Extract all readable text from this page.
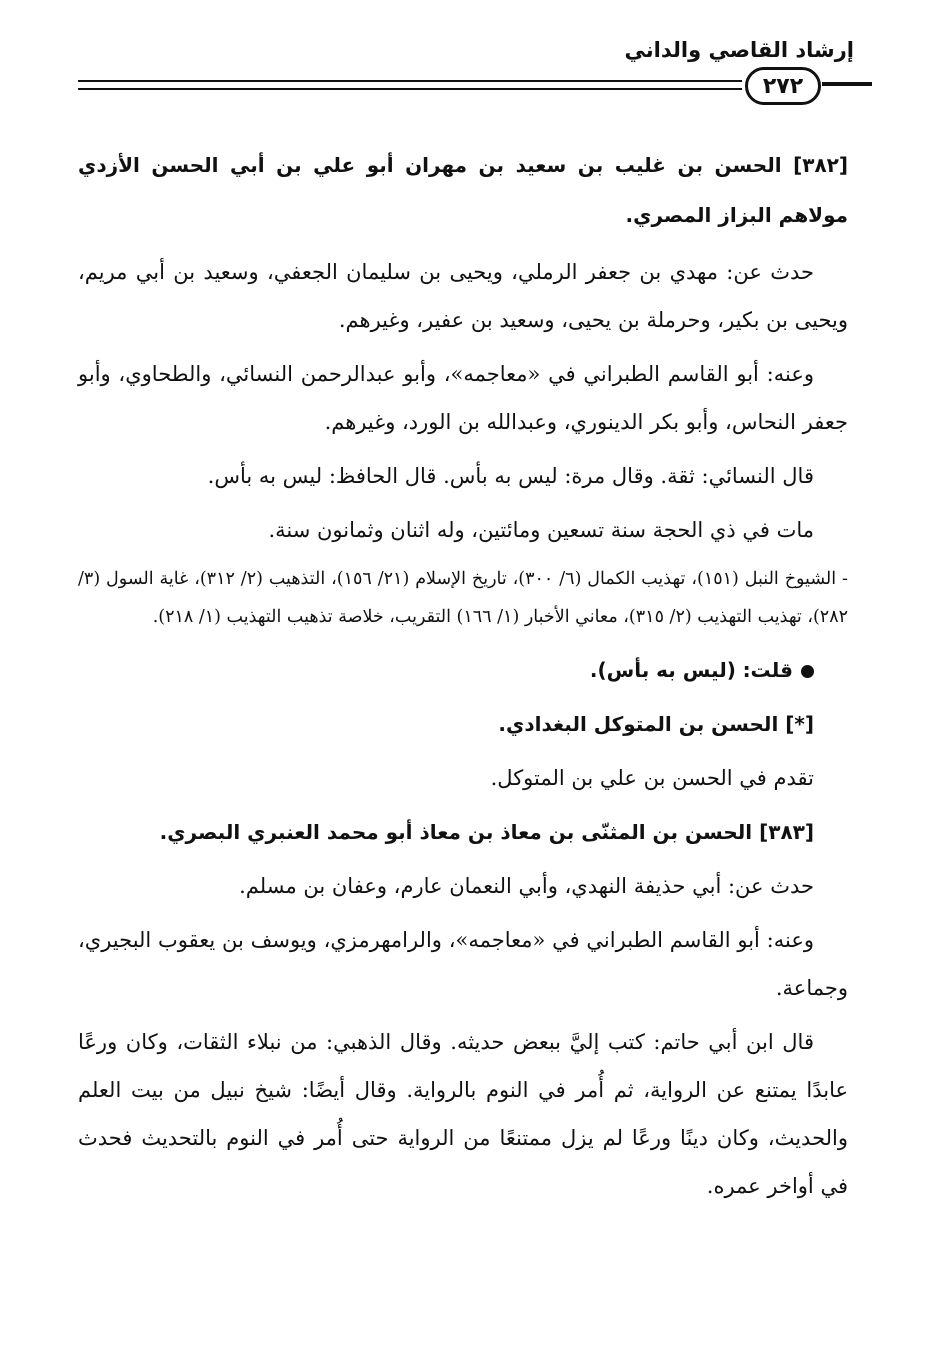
إرشاد القاصي والداني
٢٧٢

[٣٨٢] الحسن بن غليب بن سعيد بن مهران أبو علي بن أبي الحسن الأزدي مولاهم البزاز المصري.

حدث عن: مهدي بن جعفر الرملي، ويحيى بن سليمان الجعفي، وسعيد بن أبي مريم، ويحيى بن بكير، وحرملة بن يحيى، وسعيد بن عفير، وغيرهم.

وعنه: أبو القاسم الطبراني في «معاجمه»، وأبو عبدالرحمن النسائي، والطحاوي، وأبو جعفر النحاس، وأبو بكر الدينوري، وعبدالله بن الورد، وغيرهم.

قال النسائي: ثقة. وقال مرة: ليس به بأس. قال الحافظ: ليس به بأس.

مات في ذي الحجة سنة تسعين ومائتين، وله اثنان وثمانون سنة.

- الشيوخ النبل (١٥١)، تهذيب الكمال (٦/ ٣٠٠)، تاريخ الإسلام (٢١/ ١٥٦)، التذهيب (٢/ ٣١٢)، غاية السول (٣/ ٢٨٢)، تهذيب التهذيب (٢/ ٣١٥)، معاني الأخبار (١/ ١٦٦) التقريب، خلاصة تذهيب التهذيب (١/ ٢١٨).

قلت: (ليس به بأس).

[*] الحسن بن المتوكل البغدادي.

تقدم في الحسن بن علي بن المتوكل.

[٣٨٣] الحسن بن المثنّى بن معاذ بن معاذ أبو محمد العنبري البصري.

حدث عن: أبي حذيفة النهدي، وأبي النعمان عارم، وعفان بن مسلم.

وعنه: أبو القاسم الطبراني في «معاجمه»، والرامهرمزي، ويوسف بن يعقوب البجيري، وجماعة.

قال ابن أبي حاتم: كتب إليَّ ببعض حديثه. وقال الذهبي: من نبلاء الثقات، وكان ورعًا عابدًا يمتنع عن الرواية، ثم أُمر في النوم بالرواية. وقال أيضًا: شيخ نبيل من بيت العلم والحديث، وكان دينًا ورعًا لم يزل ممتنعًا من الرواية حتى أُمر في النوم بالتحديث فحدث في أواخر عمره.
